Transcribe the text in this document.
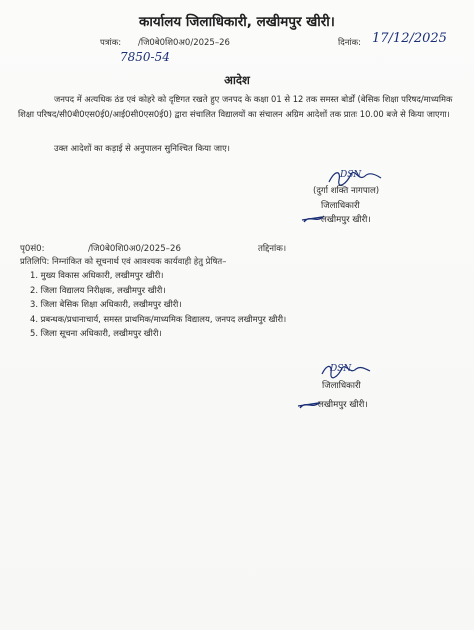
कार्यालय जिलाधिकारी, लखीमपुर खीरी।
पत्रांक: /जि0बे0शि0अ0/2025–26	दिनांक: 17/12/2025
7850-54
आदेश
जनपद में अत्यधिक ठंड एवं कोहरे को दृष्टिगत रखते हुए जनपद के कक्षा 01 से 12 तक समस्त बोर्डों (बेसिक शिक्षा परिषद/माध्यमिक शिक्षा परिषद/सी0बी0एस0ई0/आई0सी0एस0ई0) द्वारा संचालित विद्यालयों का संचालन अग्रिम आदेशों तक प्रातः 10.00 बजे से किया जाएगा।
उक्त आदेशों का कड़ाई से अनुपालन सुनिश्चित किया जाए।
DSN
(दुर्गा शक्ति नागपाल)
जिलाधिकारी
लखीमपुर खीरी।
पृ0सं0:	/जि0बे0शि0अ0/2025–26	तद्दिनांक।
प्रतिलिपि: निम्नांकित को सूचनार्थ एवं आवश्यक कार्यवाही हेतु प्रेषित–
1. मुख्य विकास अधिकारी, लखीमपुर खीरी।
2. जिला विद्यालय निरीक्षक, लखीमपुर खीरी।
3. जिला बेसिक शिक्षा अधिकारी, लखीमपुर खीरी।
4. प्रबन्धक/प्रधानाचार्य, समस्त प्राथमिक/माध्यमिक विद्यालय, जनपद लखीमपुर खीरी।
5. जिला सूचना अधिकारी, लखीमपुर खीरी।
DSN
जिलाधिकारी
लखीमपुर खीरी।
